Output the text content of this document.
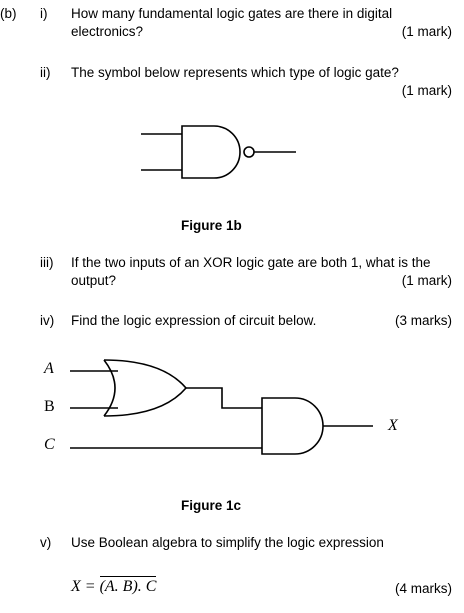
(b) i) How many fundamental logic gates are there in digital
electronics?	(1 mark)
ii) The symbol below represents which type of logic gate?
(1 mark)
Figure 1b
iii) If the two inputs of an XOR logic gate are both 1, what is the
output?	(1 mark)
iv) Find the logic expression of circuit below.	(3 marks)
A
B
C
X
Figure 1c
v) Use Boolean algebra to simplify the logic expression
X = (A. B). C	(4 marks)
